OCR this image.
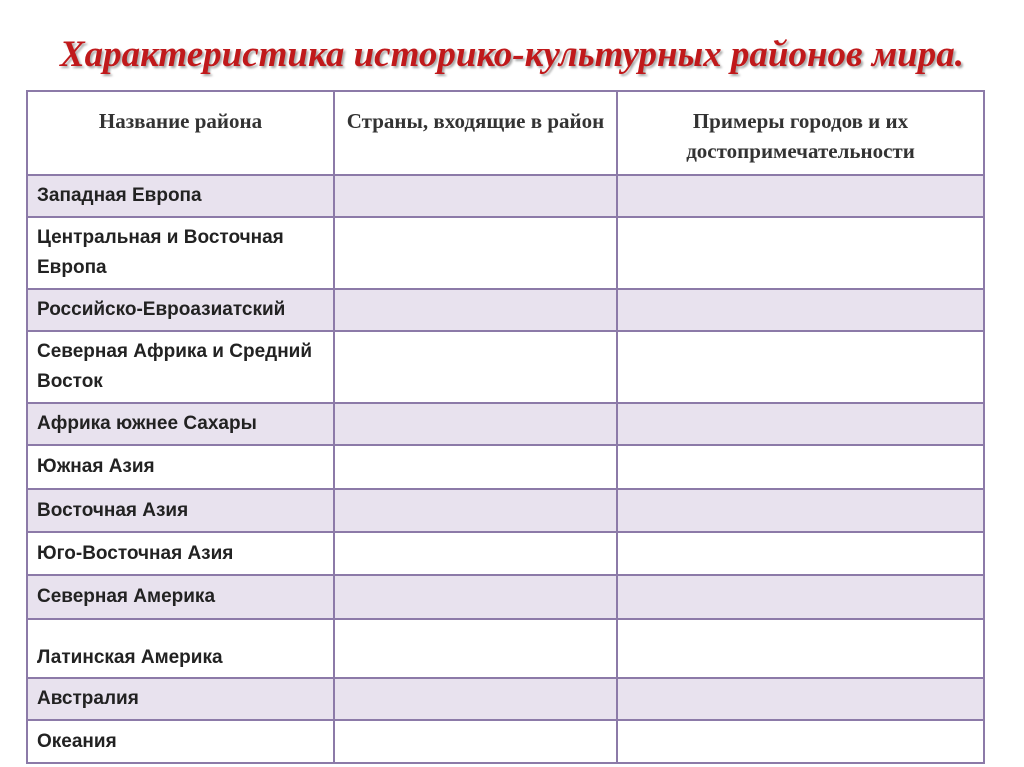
Характеристика историко-культурных районов мира.
Название района	Страны, входящие в район	Примеры городов и их достопримечательности
Западная Европа		
Центральная и Восточная Европа		
Российско-Евроазиатский		
Северная Африка и Средний Восток		
Африка южнее Сахары		
Южная Азия		
Восточная Азия		
Юго-Восточная Азия		
Северная Америка		
Латинская Америка		
Австралия		
Океания		
